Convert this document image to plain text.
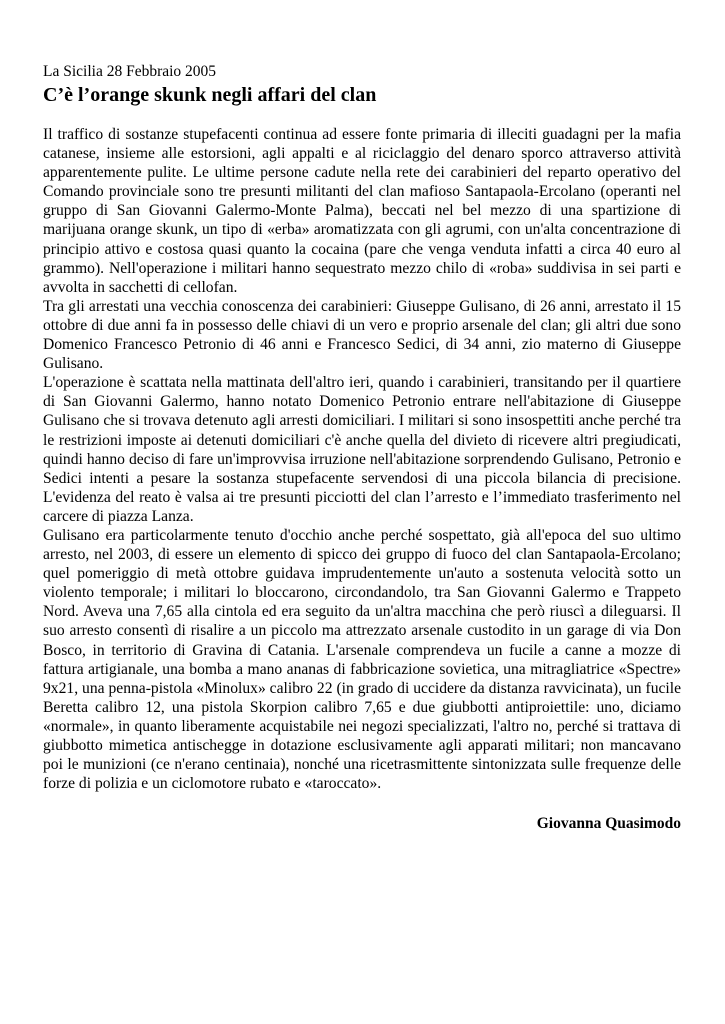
La Sicilia 28 Febbraio 2005
C’è l’orange skunk negli affari del clan

Il traffico di sostanze stupefacenti continua ad essere fonte primaria di illeciti guadagni per la mafia catanese, insieme alle estorsioni, agli appalti e al riciclaggio del denaro sporco attraverso attività apparentemente pulite. Le ultime persone cadute nella rete dei carabinieri del reparto operativo del Comando provinciale sono tre presunti militanti del clan mafioso Santapaola-Ercolano (operanti nel gruppo di San Giovanni Galermo-Monte Palma), beccati nel bel mezzo di una spartizione di marijuana orange skunk, un tipo di «erba» aromatizzata con gli agrumi, con un'alta concentrazione di principio attivo e costosa quasi quanto la cocaina (pare che venga venduta infatti a circa 40 euro al grammo). Nell'operazione i militari hanno sequestrato mezzo chilo di «roba» suddivisa in sei parti e avvolta in sacchetti di cellofan.

Tra gli arrestati una vecchia conoscenza dei carabinieri: Giuseppe Gulisano, di 26 anni, arrestato il 15 ottobre di due anni fa in possesso delle chiavi di un vero e proprio arsenale del clan; gli altri due sono Domenico Francesco Petronio di 46 anni e Francesco Sedici, di 34 anni, zio materno di Giuseppe Gulisano.

L'operazione è scattata nella mattinata dell'altro ieri, quando i carabinieri, transitando per il quartiere di San Giovanni Galermo, hanno notato Domenico Petronio entrare nell'abitazione di Giuseppe Gulisano che si trovava detenuto agli arresti domiciliari. I militari si sono insospettiti anche perché tra le restrizioni imposte ai detenuti domiciliari c'è anche quella del divieto di ricevere altri pregiudicati, quindi hanno deciso di fare un'improvvisa irruzione nell'abitazione sorprendendo Gulisano, Petronio e Sedici intenti a pesare la sostanza stupefacente servendosi di una piccola bilancia di precisione. L'evidenza del reato è valsa ai tre presunti picciotti del clan l’arresto e l’immediato trasferimento nel carcere di piazza Lanza.

Gulisano era particolarmente tenuto d'occhio anche perché sospettato, già all'epoca del suo ultimo arresto, nel 2003, di essere un elemento di spicco dei gruppo di fuoco del clan Santapaola-Ercolano; quel pomeriggio di metà ottobre guidava imprudentemente un'auto a sostenuta velocità sotto un violento temporale; i militari lo bloccarono, circondandolo, tra San Giovanni Galermo e Trappeto Nord. Aveva una 7,65 alla cintola ed era seguito da un'altra macchina che però riuscì a dileguarsi. Il suo arresto consentì di risalire a un piccolo ma attrezzato arsenale custodito in un garage di via Don Bosco, in territorio di Gravina di Catania. L'arsenale comprendeva un fucile a canne a mozze di fattura artigianale, una bomba a mano ananas di fabbricazione sovietica, una mitragliatrice «Spectre» 9x21, una penna-pistola «Minolux» calibro 22 (in grado di uccidere da distanza ravvicinata), un fucile Beretta calibro 12, una pistola Skorpion calibro 7,65 e due giubbotti antiproiettile: uno, diciamo «normale», in quanto liberamente acquistabile nei negozi specializzati, l'altro no, perché si trattava di giubbotto mimetica antischegge in dotazione esclusivamente agli apparati militari; non mancavano poi le munizioni (ce n'erano centinaia), nonché una ricetrasmittente sintonizzata sulle frequenze delle forze di polizia e un ciclomotore rubato e «taroccato».

Giovanna Quasimodo
